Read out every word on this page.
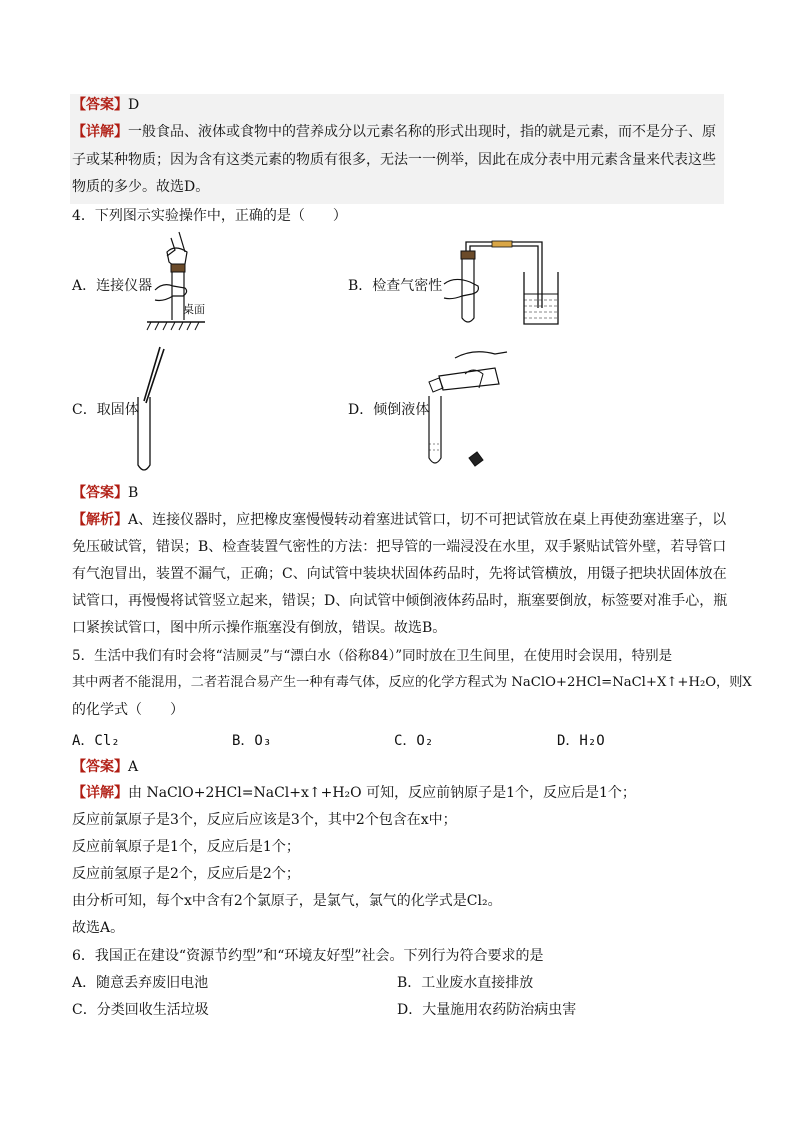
【答案】D
【详解】一般食品、液体或食物中的营养成分以元素名称的形式出现时，指的就是元素，而不是分子、原
子或某种物质；因为含有这类元素的物质有很多，无法一一例举，因此在成分表中用元素含量来代表这些
物质的多少。故选D。
4．下列图示实验操作中，正确的是（　　）
A．连接仪器
桌面
B．检查气密性
C．取固体	D．倾倒液体
【答案】B
【解析】A、连接仪器时，应把橡皮塞慢慢转动着塞进试管口，切不可把试管放在桌上再使劲塞进塞子，以
免压破试管，错误；B、检查装置气密性的方法：把导管的一端浸没在水里，双手紧贴试管外壁，若导管口
有气泡冒出，装置不漏气，正确；C、向试管中装块状固体药品时，先将试管横放，用镊子把块状固体放在
试管口，再慢慢将试管竖立起来，错误；D、向试管中倾倒液体药品时，瓶塞要倒放，标签要对准手心，瓶
口紧挨试管口，图中所示操作瓶塞没有倒放，错误。故选B。
5．生活中我们有时会将“洁厕灵”与“漂白水（俗称84）”同时放在卫生间里，在使用时会误用，特别是
其中两者不能混用，二者若混合易产生一种有毒气体，反应的化学方程式为 NaClO+2HCl=NaCl+X↑+H₂O，则X
的化学式（　　）
A．Cl₂	B．O₃	C．O₂	D．H₂O
【答案】A
【详解】由 NaClO+2HCl=NaCl+x↑+H₂O 可知，反应前钠原子是1个，反应后是1个；
反应前氯原子是3个，反应后应该是3个，其中2个包含在x中；
反应前氧原子是1个，反应后是1个；
反应前氢原子是2个，反应后是2个；
由分析可知，每个x中含有2个氯原子，是氯气，氯气的化学式是Cl₂。
故选A。
6．我国正在建设“资源节约型”和“环境友好型”社会。下列行为符合要求的是
A．随意丢弃废旧电池	B．工业废水直接排放
C．分类回收生活垃圾	D．大量施用农药防治病虫害
